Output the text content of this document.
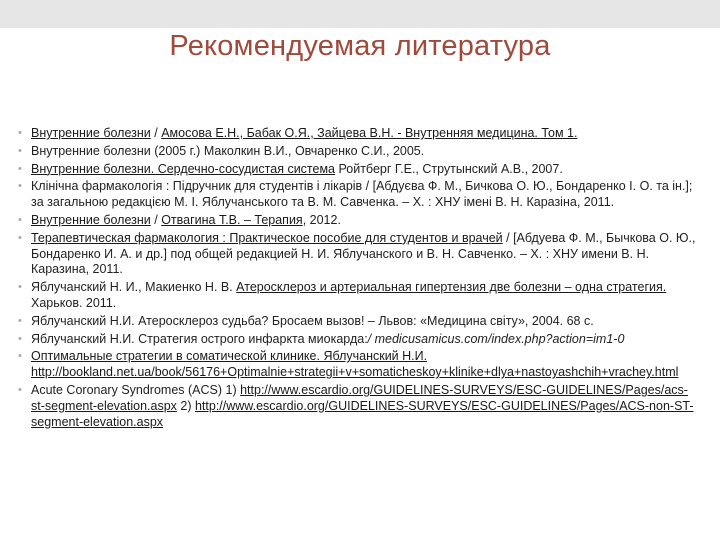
Рекомендуемая литература
• Внутренние болезни / Амосова Е.Н., Бабак О.Я., Зайцева В.Н. - Внутренняя медицина. Том 1.
• Внутренние болезни (2005 г.) Маколкин В.И., Овчаренко С.И., 2005.
• Внутренние болезни. Сердечно-сосудистая система Ройтберг Г.Е., Струтынский А.В., 2007.
• Клінічна фармакологія : Підручник для студентів і лікарів / [Абдуєва Ф. М., Бичкова О. Ю., Бондаренко І. О. та ін.]; за загальною редакцією М. І. Яблучанського та В. М. Савченка. – Х. : ХНУ імені В. Н. Каразіна, 2011.
• Внутренние болезни / Отвагина Т.В. – Терапия, 2012.
• Терапевтическая фармакология : Практическое пособие для студентов и врачей / [Абдуева Ф. М., Бычкова О. Ю., Бондаренко И. А. и др.] под общей редакцией Н. И. Яблучанского и В. Н. Савченко. – Х. : ХНУ имени В. Н. Каразина, 2011.
• Яблучанский Н. И., Макиенко Н. В. Атеросклероз и артериальная гипертензия две болезни – одна стратегия. Харьков. 2011.
• Яблучанский Н.И. Атеросклероз судьба? Бросаем вызов! – Львов: «Медицина світу», 2004. 68 с.
• Яблучанский Н.И. Стратегия острого инфаркта миокарда:/ medicusamicus.com/index.php?action=im1-0
• Оптимальные стратегии в соматической клинике. Яблучанский Н.И. http://bookland.net.ua/book/56176+Optimalnie+strategii+v+somaticheskoy+klinike+dlya+nastoyashchih+vrachey.html
• Acute Coronary Syndromes (ACS) 1) http://www.escardio.org/GUIDELINES-SURVEYS/ESC-GUIDELINES/Pages/acs-st-segment-elevation.aspx 2) http://www.escardio.org/GUIDELINES-SURVEYS/ESC-GUIDELINES/Pages/ACS-non-ST-segment-elevation.aspx
